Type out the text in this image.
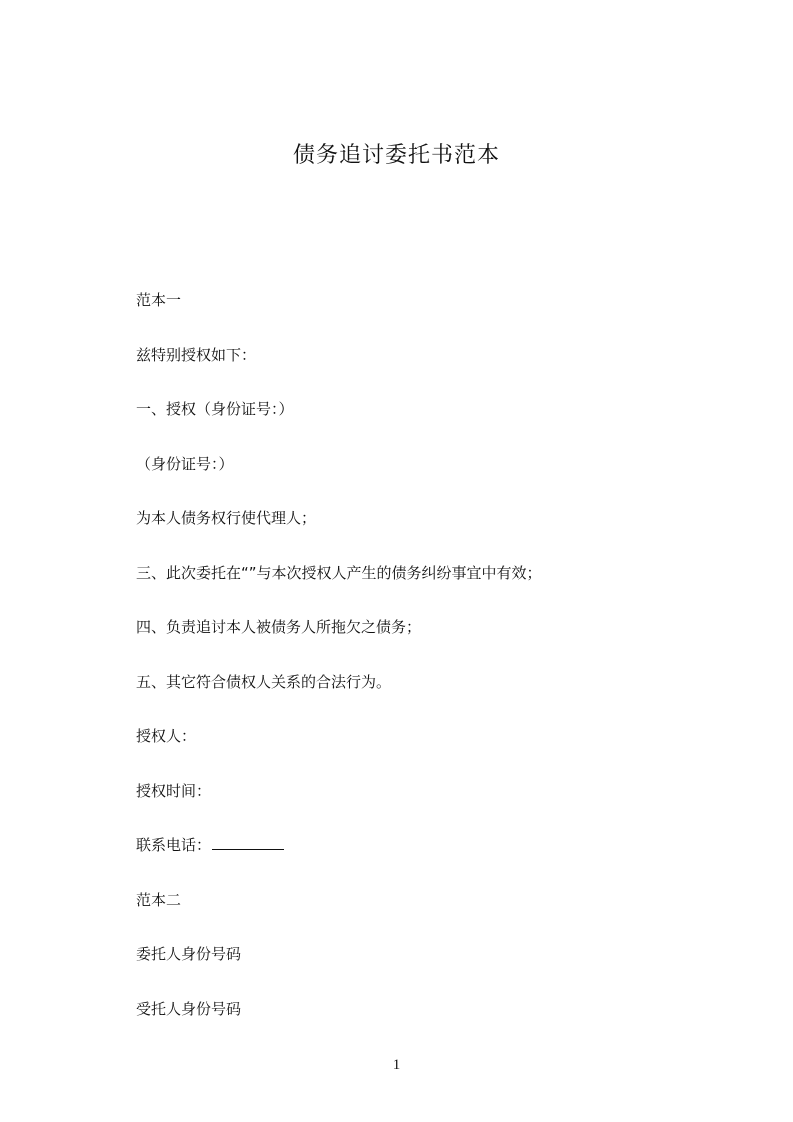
债务追讨委托书范本
范本一
兹特别授权如下：
一、授权（身份证号：）
（身份证号：）
为本人债务权行使代理人；
三、此次委托在“”与本次授权人产生的债务纠纷事宜中有效；
四、负责追讨本人被债务人所拖欠之债务；
五、其它符合债权人关系的合法行为。
授权人：
授权时间：
联系电话：
范本二
委托人身份号码
受托人身份号码
1
